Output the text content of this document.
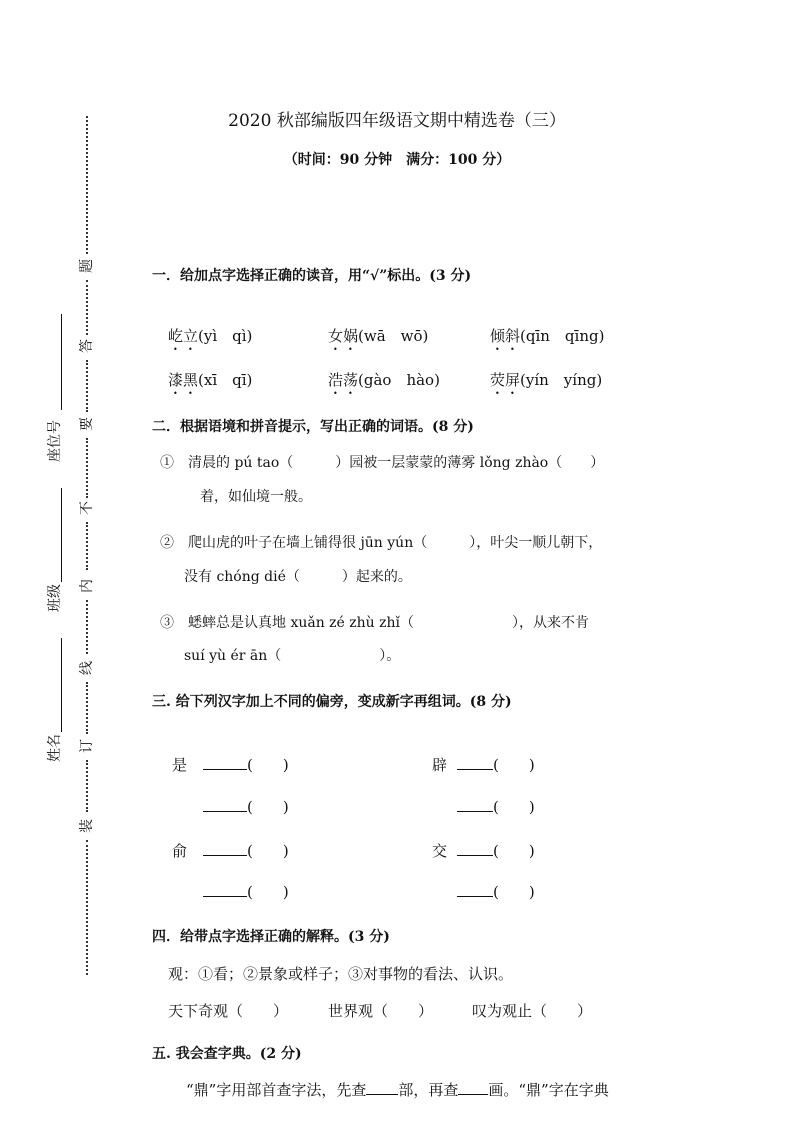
2020 秋部编版四年级语文期中精选卷（三）
（时间：90 分钟　满分：100 分）
题
答
要
不
内
线
订
装
座位号
班级
姓名
一．给加点字选择正确的读音，用“√”标出。(3 分)
屹立(yì　qì)	女娲(wā　wō)	倾斜(qīn　qīng)
漆黑(xī　qī)	浩荡(gào　hào)	荧屏(yín　yíng)
二．根据语境和拼音提示，写出正确的词语。(8 分)
①　清晨的 pú tao（　　　）园被一层蒙蒙的薄雾 lǒng zhào（　　）
着，如仙境一般。
②　爬山虎的叶子在墙上铺得很 jūn yún（　　　），叶尖一顺儿朝下，
没有 chóng dié（　　　）起来的。
③　蟋蟀总是认真地 xuǎn zé zhù zhǐ（　　　　　　　），从来不肯
suí yù ér ān（　　　　　　　）。
三. 给下列汉字加上不同的偏旁，变成新字再组词。(8 分)
是	(　　)
(　　)
辟	(　　)
(　　)
俞	(　　)
(　　)
交	(　　)
(　　)
四．给带点字选择正确的解释。(3 分)
观：①看；②景象或样子；③对事物的看法、认识。
天下奇观（　　）	世界观（　　）	叹为观止（　　）
五. 我会查字典。(2 分)
“鼎”字用部首查字法，先查 部，再查 画。“鼎”字在字典
